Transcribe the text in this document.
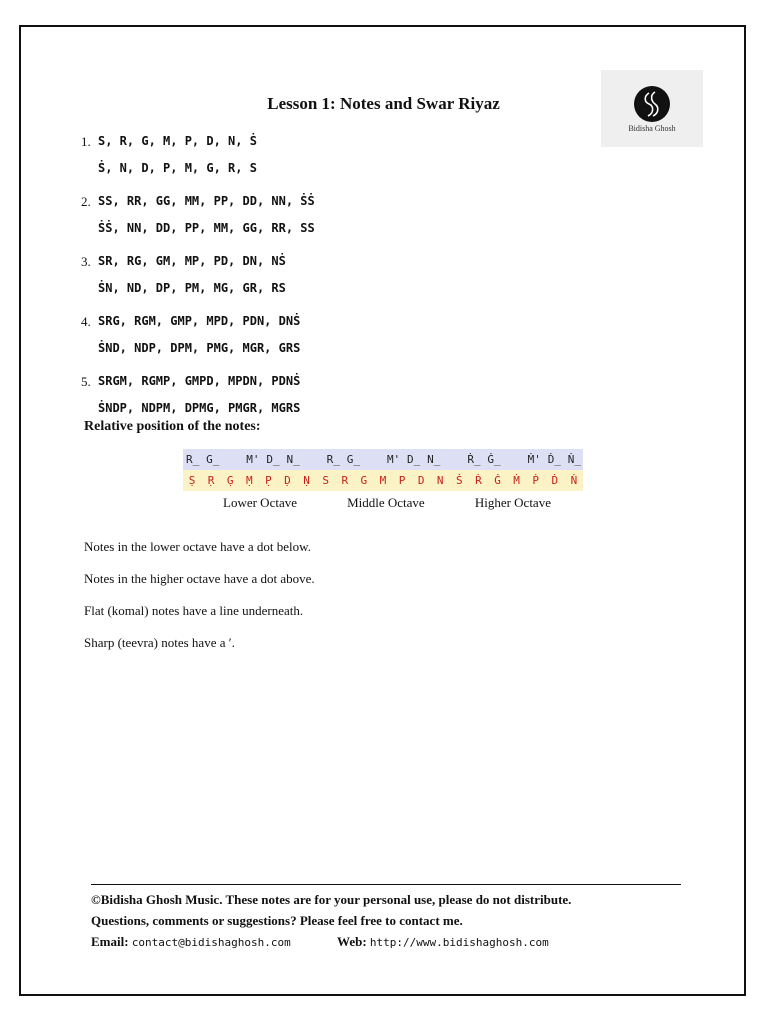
Lesson 1: Notes and Swar Riyaz
Bidisha Ghosh
1. S, R, G, M, P, D, N, Ṡ
Ṡ, N, D, P, M, G, R, S
2. SS, RR, GG, MM, PP, DD, NN, ṠṠ
ṠṠ, NN, DD, PP, MM, GG, RR, SS
3. SR, RG, GM, MP, PD, DN, NṠ
ṠN, ND, DP, PM, MG, GR, RS
4. SRG, RGM, GMP, MPD, PDN, DNṠ
ṠND, NDP, DPM, PMG, MGR, GRS
5. SRGM, RGMP, GMPD, MPDN, PDNṠ
ṠNDP, NDPM, DPMG, PMGR, MGRS
Relative position of the notes:
R̲ G̲ M' D̲ N̲ R̲ G̲ M' D̲ N̲ Ṙ̲ Ġ̲ Ṁ' Ḋ̲ Ṅ̲
Ṣ Ṛ G̣ Ṃ P̣ Ḍ Ṇ S R G M P D N Ṡ Ṙ Ġ Ṁ Ṗ Ḋ Ṅ
Lower Octave	Middle Octave	Higher Octave
Notes in the lower octave have a dot below.
Notes in the higher octave have a dot above.
Flat (komal) notes have a line underneath.
Sharp (teevra) notes have a ′.
©Bidisha Ghosh Music. These notes are for your personal use, please do not distribute.
Questions, comments or suggestions? Please feel free to contact me.
Email: contact@bidishaghosh.com	Web: http://www.bidishaghosh.com
